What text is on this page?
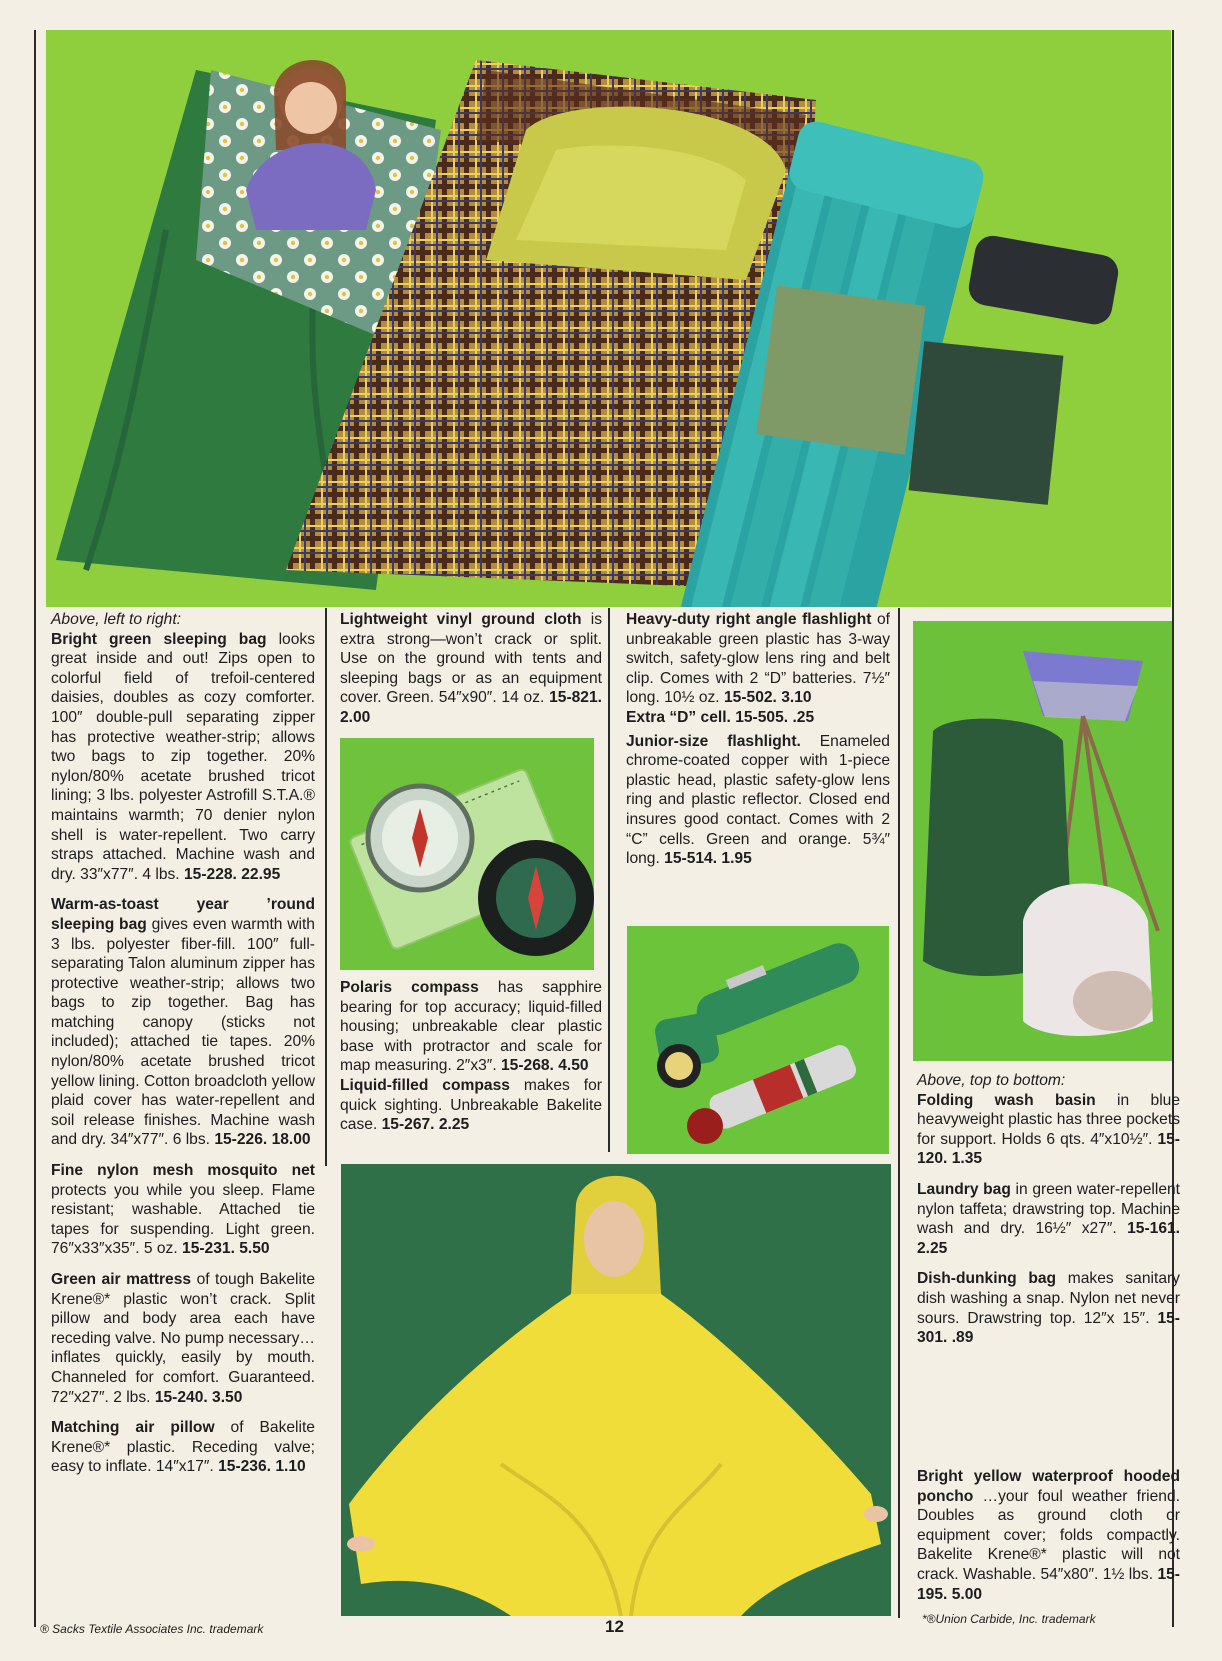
Above, left to right:
Bright green sleeping bag looks great inside and out! Zips open to colorful field of trefoil-centered daisies, doubles as cozy comforter. 100″ double-pull separating zipper has protective weather-strip; allows two bags to zip together. 20% nylon/80% acetate brushed tricot lining; 3 lbs. polyester Astrofill S.T.A.® maintains warmth; 70 denier nylon shell is water-repellent. Two carry straps attached. Machine wash and dry. 33″x77″. 4 lbs. 15-228. 22.95

Warm-as-toast year ’round sleeping bag gives even warmth with 3 lbs. polyester fiber-fill. 100″ full-separating Talon aluminum zipper has protective weather-strip; allows two bags to zip together. Bag has matching canopy (sticks not included); attached tie tapes. 20% nylon/80% acetate brushed tricot yellow lining. Cotton broadcloth yellow plaid cover has water-repellent and soil release finishes. Machine wash and dry. 34″x77″. 6 lbs. 15-226. 18.00

Fine nylon mesh mosquito net protects you while you sleep. Flame resistant; washable. Attached tie tapes for suspending. Light green. 76″x33″x35″. 5 oz. 15-231. 5.50

Green air mattress of tough Bakelite Krene®* plastic won’t crack. Split pillow and body area each have receding valve. No pump necessary…inflates quickly, easily by mouth. Channeled for comfort. Guaranteed. 72″x27″. 2 lbs. 15-240. 3.50

Matching air pillow of Bakelite Krene®* plastic. Receding valve; easy to inflate. 14″x17″. 15-236. 1.10

Lightweight vinyl ground cloth is extra strong—won’t crack or split. Use on the ground with tents and sleeping bags or as an equipment cover. Green. 54″x90″. 14 oz. 15-821. 2.00

Polaris compass has sapphire bearing for top accuracy; liquid-filled housing; unbreakable clear plastic base with protractor and scale for map measuring. 2″x3″. 15-268. 4.50

Liquid-filled compass makes for quick sighting. Unbreakable Bakelite case. 15-267. 2.25

Heavy-duty right angle flashlight of unbreakable green plastic has 3-way switch, safety-glow lens ring and belt clip. Comes with 2 “D” batteries. 7½″ long. 10½ oz. 15-502. 3.10
Extra “D” cell. 15-505. .25

Junior-size flashlight. Enameled chrome-coated copper with 1-piece plastic head, plastic safety-glow lens ring and plastic reflector. Closed end insures good contact. Comes with 2 “C” cells. Green and orange. 5¾″ long. 15-514. 1.95

Above, top to bottom:
Folding wash basin in blue heavyweight plastic has three pockets for support. Holds 6 qts. 4″x10½″. 15-120. 1.35

Laundry bag in green water-repellent nylon taffeta; drawstring top. Machine wash and dry. 16½″ x27″. 15-161. 2.25

Dish-dunking bag makes sanitary dish washing a snap. Nylon net never sours. Drawstring top. 12″x 15″. 15-301. .89

Bright yellow waterproof hooded poncho …your foul weather friend. Doubles as ground cloth or equipment cover; folds compactly. Bakelite Krene®* plastic will not crack. Washable. 54″x80″. 1½ lbs. 15-195. 5.00

® Sacks Textile Associates Inc. trademark	12	*®Union Carbide, Inc. trademark
